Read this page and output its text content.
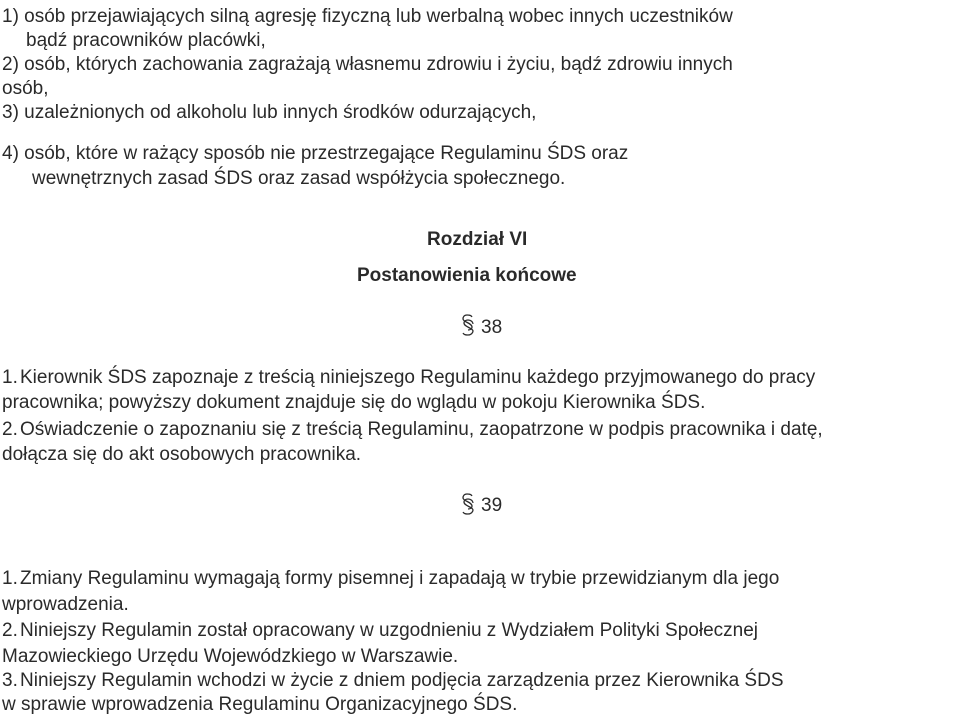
1) osób przejawiających silną agresję fizyczną lub werbalną wobec innych uczestników
bądź pracowników placówki,
2) osób, których zachowania zagrażają własnemu zdrowiu i życiu, bądź zdrowiu innych
osób,
3) uzależnionych od alkoholu lub innych środków odurzających,
4) osób, które w rażący sposób nie przestrzegające Regulaminu ŚDS oraz
wewnętrznych zasad ŚDS oraz zasad współżycia społecznego.
Rozdział VI
Postanowienia końcowe
38
1. Kierownik ŚDS zapoznaje z treścią niniejszego Regulaminu każdego przyjmowanego do pracy
pracownika; powyższy dokument znajduje się do wglądu w pokoju Kierownika ŚDS.
2. Oświadczenie o zapoznaniu się z treścią Regulaminu, zaopatrzone w podpis pracownika i datę,
dołącza się do akt osobowych pracownika.
39
1. Zmiany Regulaminu wymagają formy pisemnej i zapadają w trybie przewidzianym dla jego
wprowadzenia.
2. Niniejszy Regulamin został opracowany w uzgodnieniu z Wydziałem Polityki Społecznej
Mazowieckiego Urzędu Wojewódzkiego w Warszawie.
3. Niniejszy Regulamin wchodzi w życie z dniem podjęcia zarządzenia przez Kierownika ŚDS
w sprawie wprowadzenia Regulaminu Organizacyjnego ŚDS.
